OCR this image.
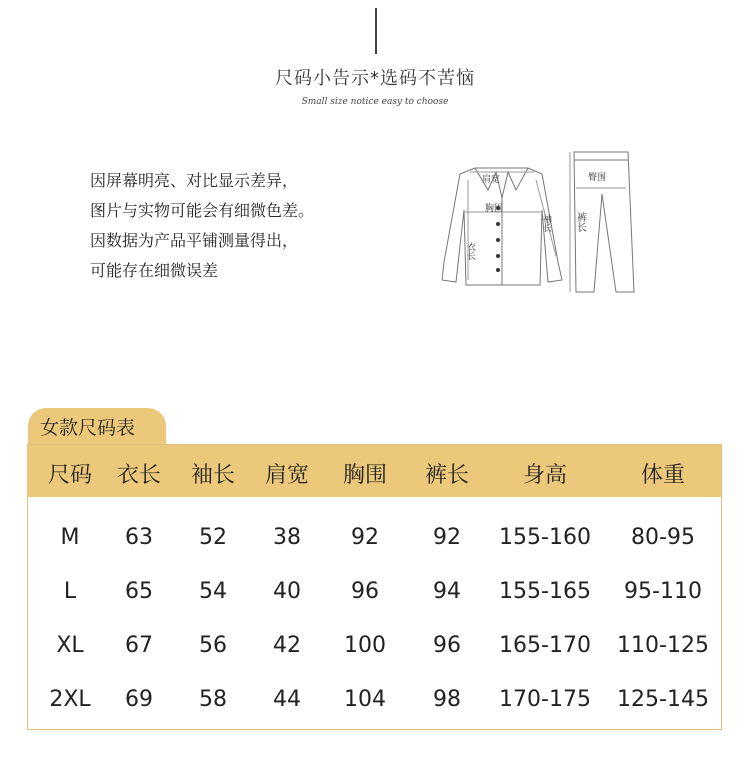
尺码小告示*选码不苦恼
Small size notice easy to choose
因屏幕明亮、对比显示差异，
图片与实物可能会有细微色差。
因数据为产品平铺测量得出，
可能存在细微误差
肩宽
胸围
衣长
袖长
臀围
裤长
女款尺码表
尺码	衣长	袖长	肩宽	胸围	裤长	身高	体重
M	63	52	38	92	92	155-160	80-95
L	65	54	40	96	94	155-165	95-110
XL	67	56	42	100	96	165-170	110-125
2XL	69	58	44	104	98	170-175	125-145
